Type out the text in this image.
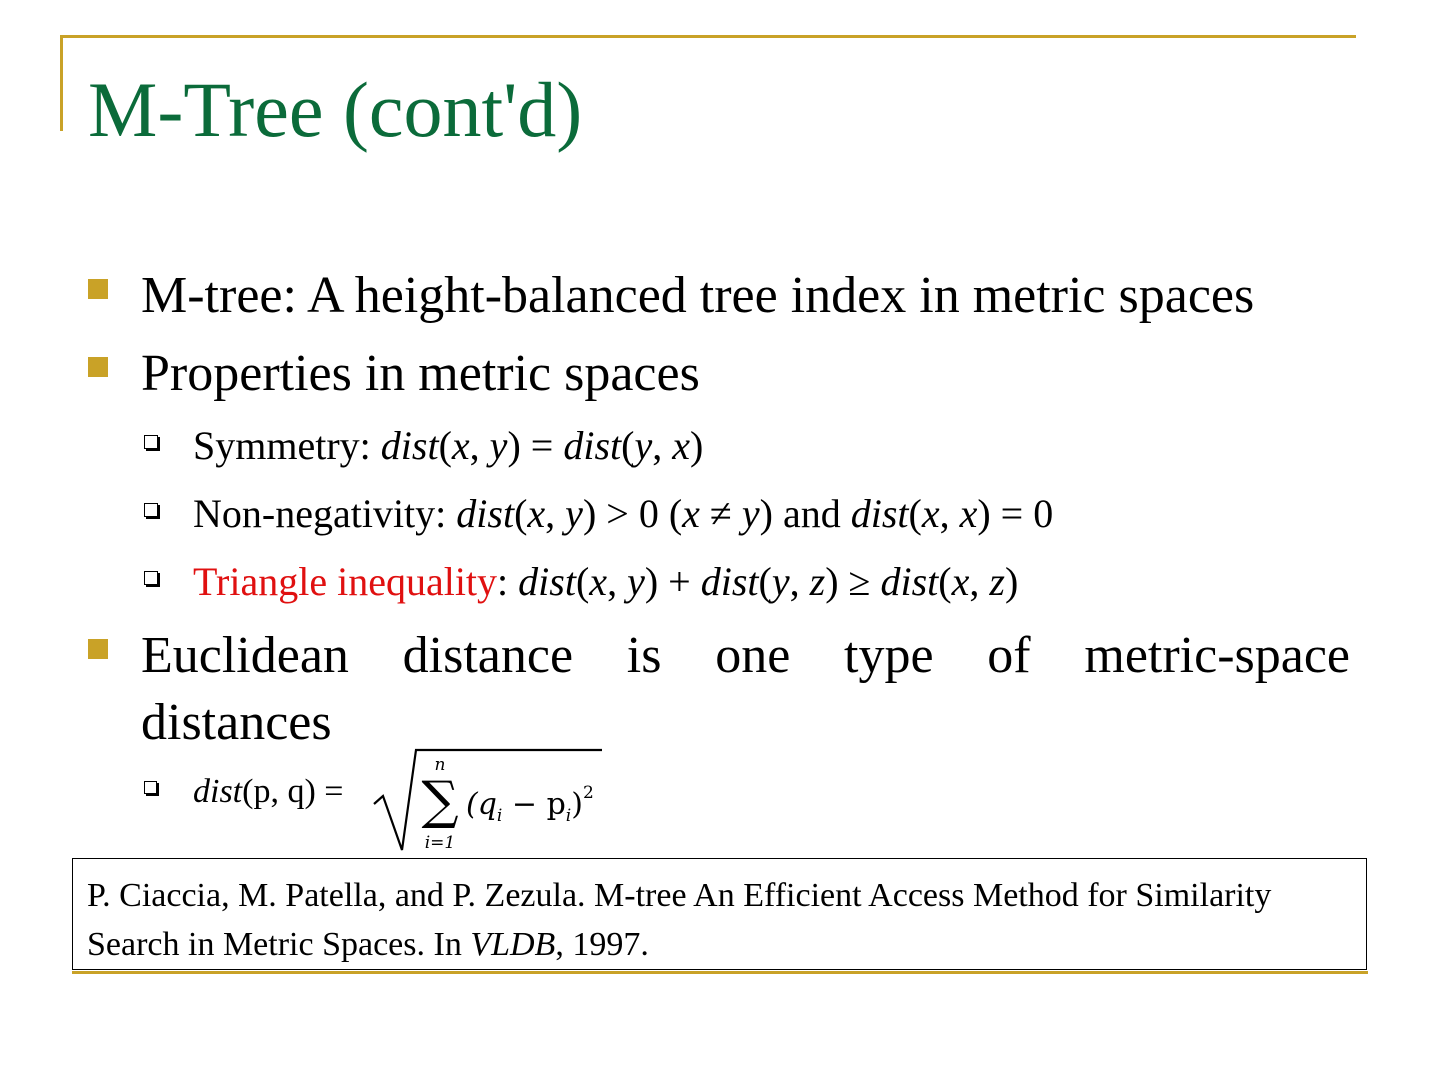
M-Tree (cont'd)
M-tree: A height-balanced tree index in metric spaces
Properties in metric spaces
Symmetry: dist(x, y) = dist(y, x)
Non-negativity: dist(x, y) > 0 (x ≠ y) and dist(x, x) = 0
Triangle inequality: dist(x, y) + dist(y, z) ≥ dist(x, z)
Euclidean distance is one type of metric-space
distances
dist(p, q) =
n
∑
i=1
$(q_i - p_i)^2$
P. Ciaccia, M. Patella, and P. Zezula. M-tree An Efficient Access Method for Similarity Search in Metric Spaces. In VLDB, 1997.
